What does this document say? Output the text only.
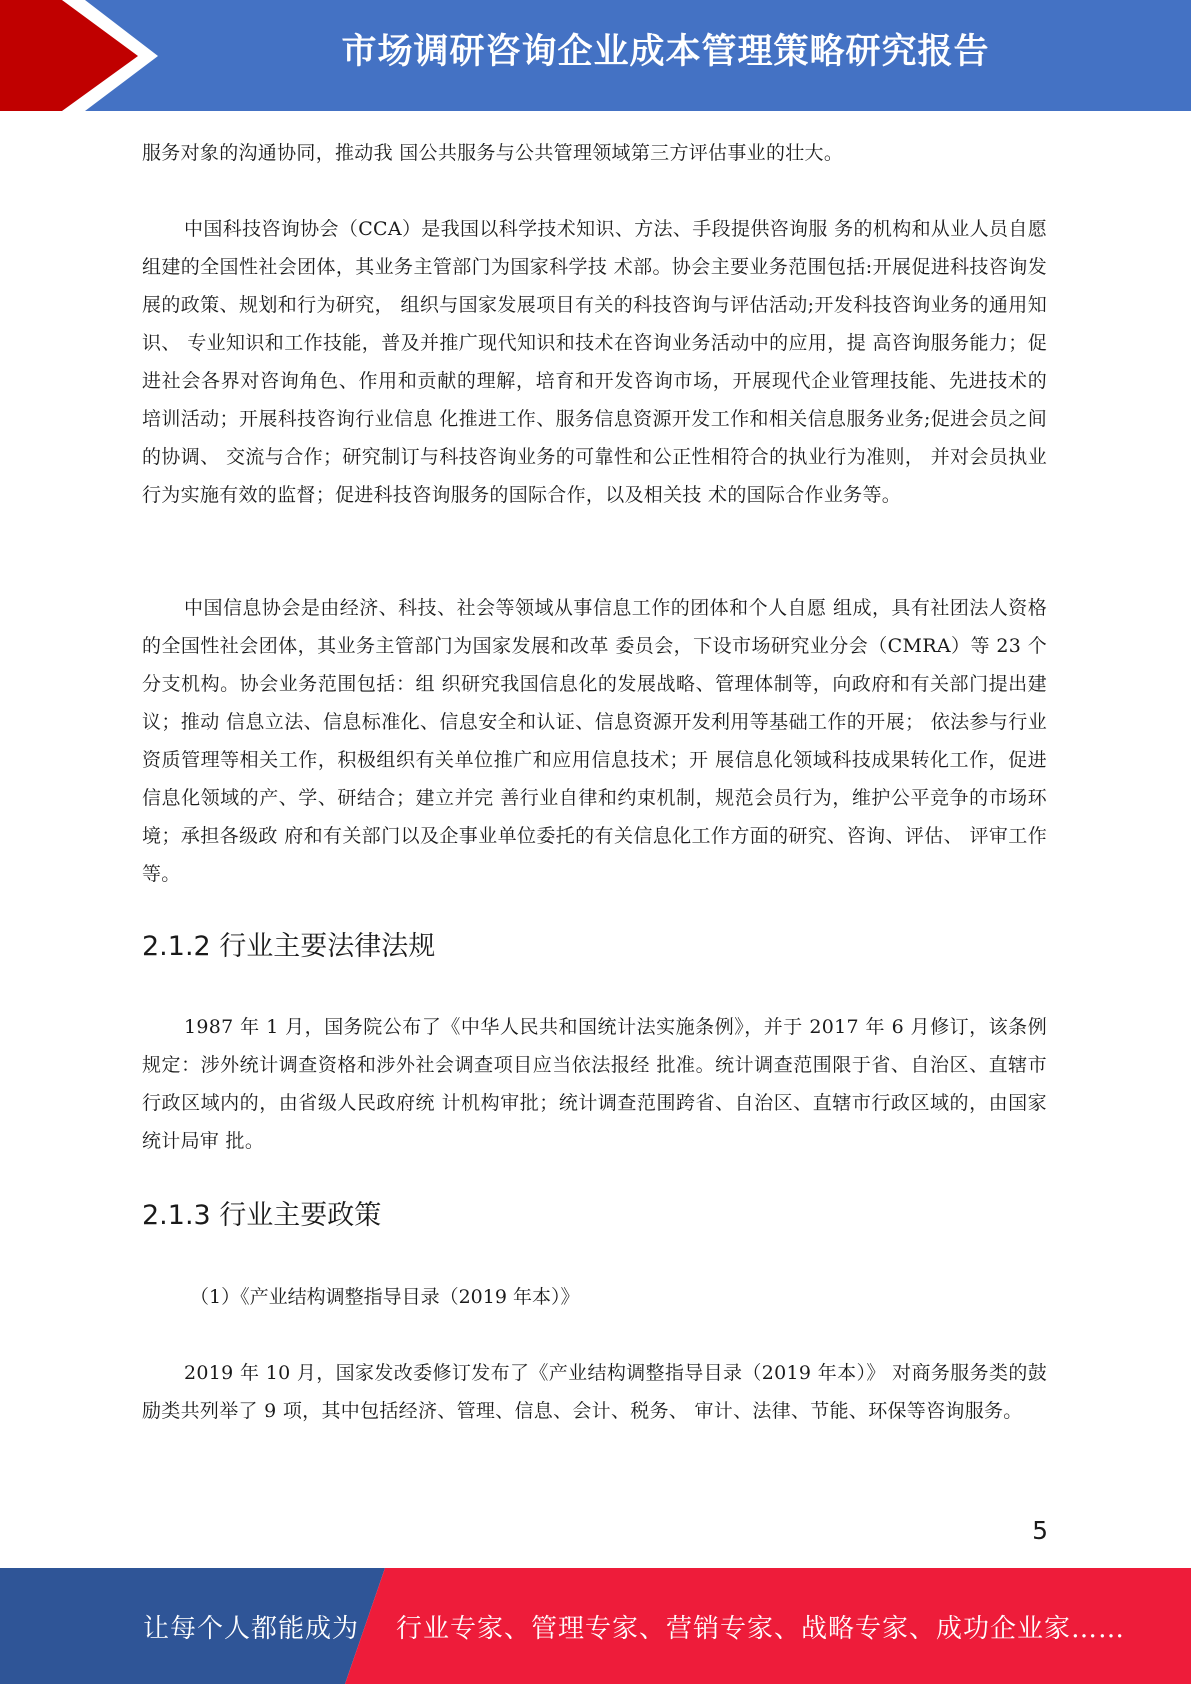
市场调研咨询企业成本管理策略研究报告

服务对象的沟通协同，推动我 国公共服务与公共管理领域第三方评估事业的壮大。

中国科技咨询协会（CCA）是我国以科学技术知识、方法、手段提供咨询服 务的机构和从业人员自愿组建的全国性社会团体，其业务主管部门为国家科学技 术部。协会主要业务范围包括:开展促进科技咨询发展的政策、规划和行为研究， 组织与国家发展项目有关的科技咨询与评估活动;开发科技咨询业务的通用知识、 专业知识和工作技能，普及并推广现代知识和技术在咨询业务活动中的应用，提 高咨询服务能力；促进社会各界对咨询角色、作用和贡献的理解，培育和开发咨询市场，开展现代企业管理技能、先进技术的培训活动；开展科技咨询行业信息 化推进工作、服务信息资源开发工作和相关信息服务业务;促进会员之间的协调、 交流与合作；研究制订与科技咨询业务的可靠性和公正性相符合的执业行为准则， 并对会员执业行为实施有效的监督；促进科技咨询服务的国际合作，以及相关技 术的国际合作业务等。

中国信息协会是由经济、科技、社会等领域从事信息工作的团体和个人自愿 组成，具有社团法人资格的全国性社会团体，其业务主管部门为国家发展和改革 委员会，下设市场研究业分会（CMRA）等 23 个分支机构。协会业务范围包括：组 织研究我国信息化的发展战略、管理体制等，向政府和有关部门提出建议；推动 信息立法、信息标准化、信息安全和认证、信息资源开发利用等基础工作的开展； 依法参与行业资质管理等相关工作，积极组织有关单位推广和应用信息技术；开 展信息化领域科技成果转化工作，促进信息化领域的产、学、研结合；建立并完 善行业自律和约束机制，规范会员行为，维护公平竞争的市场环境；承担各级政 府和有关部门以及企事业单位委托的有关信息化工作方面的研究、咨询、评估、 评审工作等。

2.1.2 行业主要法律法规

1987 年 1 月，国务院公布了《中华人民共和国统计法实施条例》，并于 2017 年 6 月修订，该条例规定：涉外统计调查资格和涉外社会调查项目应当依法报经 批准。统计调查范围限于省、自治区、直辖市行政区域内的，由省级人民政府统 计机构审批；统计调查范围跨省、自治区、直辖市行政区域的，由国家统计局审 批。

2.1.3 行业主要政策

（1）《产业结构调整指导目录（2019 年本）》

2019 年 10 月，国家发改委修订发布了《产业结构调整指导目录（2019 年本）》 对商务服务类的鼓励类共列举了 9 项，其中包括经济、管理、信息、会计、税务、 审计、法律、节能、环保等咨询服务。

5
让每个人都能成为 行业专家、管理专家、营销专家、战略专家、成功企业家……
